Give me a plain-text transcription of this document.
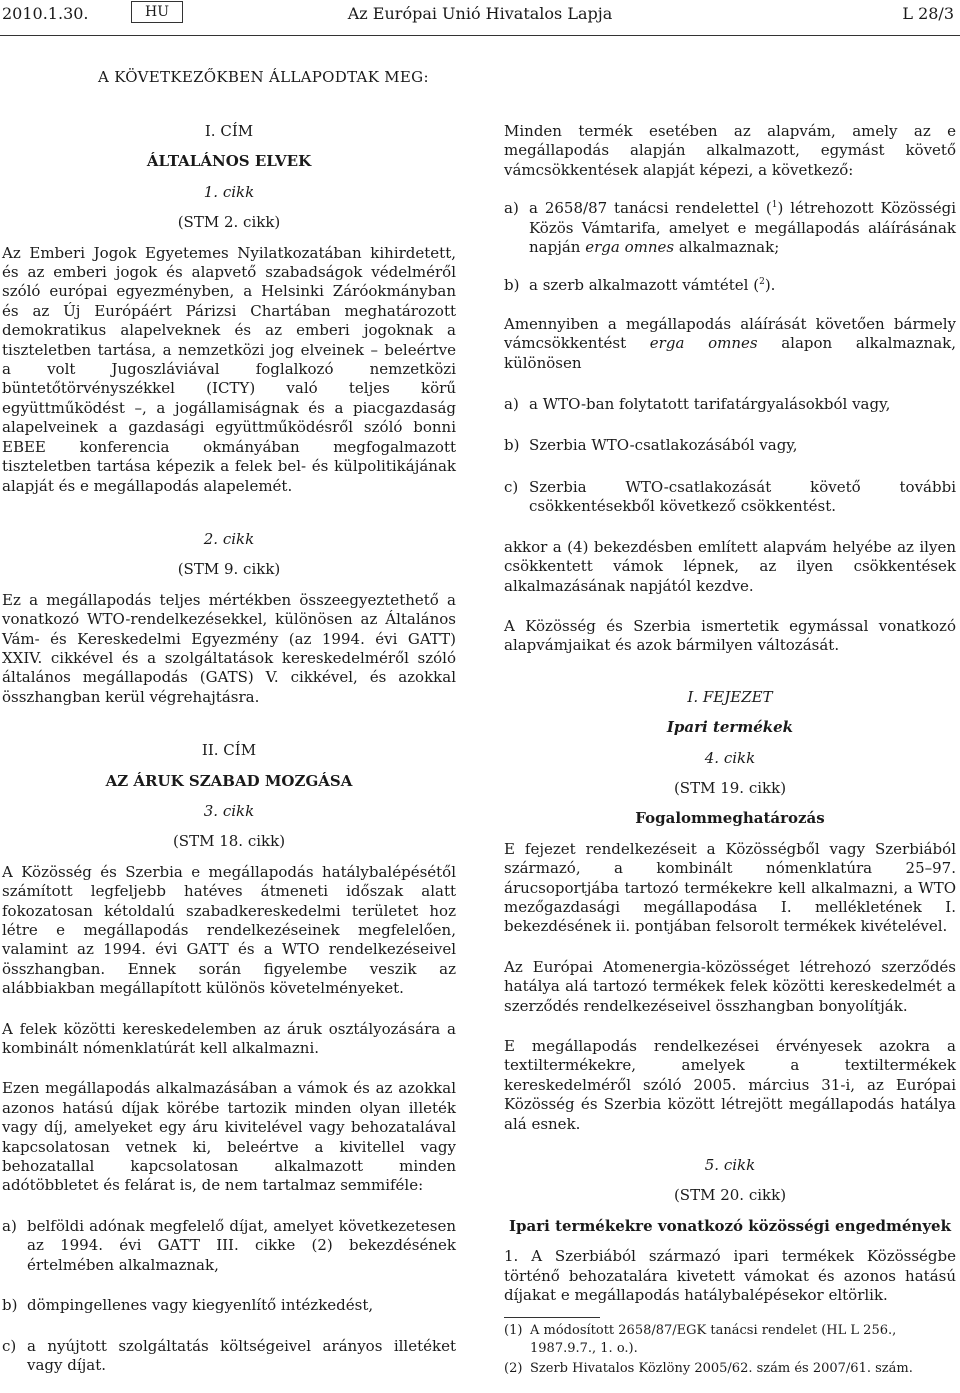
2010.1.30.	HU	Az Európai Unió Hivatalos Lapja	L 28/3
A KÖVETKEZŐKBEN ÁLLAPODTAK MEG:

I. CÍM

ÁLTALÁNOS ELVEK

1. cikk

(STM 2. cikk)

Az Emberi Jogok Egyetemes Nyilatkozatában kihirdetett, és az emberi jogok és alapvető szabadságok védelméről szóló európai egyezményben, a Helsinki Záróokmányban és az Új Európáért Párizsi Chartában meghatározott demokratikus alapelveknek és az emberi jogoknak a tiszteletben tartása, a nemzetközi jog elveinek – beleértve a volt Jugoszláviával foglalkozó nemzetközi büntetőtörvényszékkel (ICTY) való teljes körű együttműködést –, a jogállamiságnak és a piacgazdaság alapelveinek a gazdasági együttműködésről szóló bonni EBEE konferencia okmányában megfogalmazott tiszteletben tartása képezik a felek bel- és külpolitikájának alapját és e megállapodás alapelemét.

2. cikk

(STM 9. cikk)

Ez a megállapodás teljes mértékben összeegyeztethető a vonatkozó WTO-rendelkezésekkel, különösen az Általános Vám- és Kereskedelmi Egyezmény (az 1994. évi GATT) XXIV. cikkével és a szolgáltatások kereskedelméről szóló általános megállapodás (GATS) V. cikkével, és azokkal összhangban kerül végrehajtásra.

II. CÍM

AZ ÁRUK SZABAD MOZGÁSA

3. cikk

(STM 18. cikk)

A Közösség és Szerbia e megállapodás hatálybalépésétől számított legfeljebb hatéves átmeneti időszak alatt fokozatosan kétoldalú szabadkereskedelmi területet hoz létre e megállapodás rendelkezéseinek megfelelően, valamint az 1994. évi GATT és a WTO rendelkezéseivel összhangban. Ennek során figyelembe veszik az alábbiakban megállapított különös követelményeket.

A felek közötti kereskedelemben az áruk osztályozására a kombinált nómenklatúrát kell alkalmazni.

Ezen megállapodás alkalmazásában a vámok és az azokkal azonos hatású díjak körébe tartozik minden olyan illeték vagy díj, amelyeket egy áru kivitelével vagy behozatalával kapcsolatosan vetnek ki, beleértve a kivitellel vagy behozatallal kapcsolatosan alkalmazott minden adótöbbletet és felárat is, de nem tartalmaz semmiféle:

a) belföldi adónak megfelelő díjat, amelyet következetesen az 1994. évi GATT III. cikke (2) bekezdésének értelmében alkalmaznak,
b) dömpingellenes vagy kiegyenlítő intézkedést,
c) a nyújtott szolgáltatás költségeivel arányos illetéket vagy díjat.

Minden termék esetében az alapvám, amely az e megállapodás alapján alkalmazott, egymást követő vámcsökkentések alapját képezi, a következő:

a) a 2658/87 tanácsi rendelettel ($^1$) létrehozott Közösségi Közös Vámtarifa, amelyet e megállapodás aláírásának napján erga omnes alkalmaznak;
b) a szerb alkalmazott vámtétel ($^2$).

Amennyiben a megállapodás aláírását követően bármely vámcsökkentést erga omnes alapon alkalmaznak, különösen

a) a WTO-ban folytatott tarifatárgyalásokból vagy,
b) Szerbia WTO-csatlakozásából vagy,
c) Szerbia WTO-csatlakozását követő további csökkentésekből következő csökkentést.

akkor a (4) bekezdésben említett alapvám helyébe az ilyen csökkentett vámok lépnek, az ilyen csökkentések alkalmazásának napjától kezdve.

A Közösség és Szerbia ismertetik egymással vonatkozó alapvámjaikat és azok bármilyen változását.

I. FEJEZET

Ipari termékek

4. cikk

(STM 19. cikk)

Fogalommeghatározás

E fejezet rendelkezéseit a Közösségből vagy Szerbiából származó, a kombinált nómenklatúra 25–97. árucsoportjába tartozó termékekre kell alkalmazni, a WTO mezőgazdasági megállapodása I. mellékletének I. bekezdésének ii. pontjában felsorolt termékek kivételével.

Az Európai Atomenergia-közösséget létrehozó szerződés hatálya alá tartozó termékek felek közötti kereskedelmét a szerződés rendelkezéseivel összhangban bonyolítják.

E megállapodás rendelkezései érvényesek azokra a textiltermékekre, amelyek a textiltermékek kereskedelméről szóló 2005. március 31-i, az Európai Közösség és Szerbia között létrejött megállapodás hatálya alá esnek.

5. cikk

(STM 20. cikk)

Ipari termékekre vonatkozó közösségi engedmények

1. A Szerbiából származó ipari termékek Közösségbe történő behozatalára kivetett vámokat és azonos hatású díjakat e megállapodás hatálybalépésekor eltörlik.

(1) A módosított 2658/87/EGK tanácsi rendelet (HL L 256., 1987.9.7., 1. o.).
(2) Szerb Hivatalos Közlöny 2005/62. szám és 2007/61. szám.
